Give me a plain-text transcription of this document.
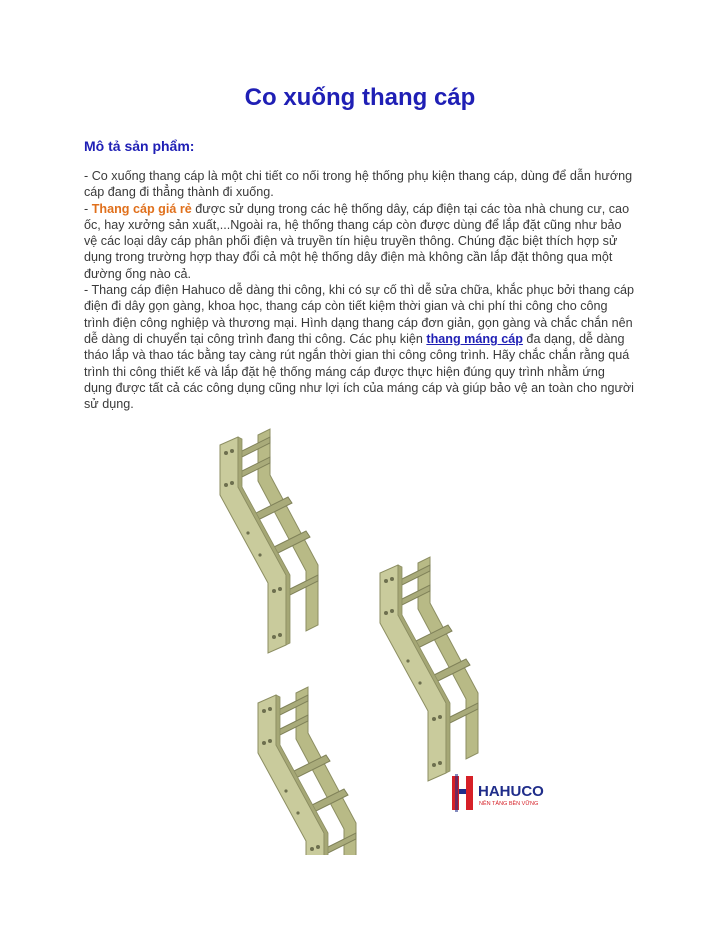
Co xuống thang cáp
Mô tả sản phẩm:

- Co xuống thang cáp là một chi tiết co nối trong hệ thống phụ kiện thang cáp, dùng để dẫn hướng cáp đang đi thẳng thành đi xuống.

- Thang cáp giá rẻ được sử dụng trong các hệ thống dây, cáp điện tại các tòa nhà chung cư, cao ốc, hay xưởng sản xuất,...Ngoài ra, hệ thống thang cáp còn được dùng để lắp đặt cũng như bảo vệ các loại dây cáp phân phối điện và truyền tín hiệu truyền thông. Chúng đặc biệt thích hợp sử dụng trong trường hợp thay đổi cả một hệ thống dây điện mà không cần lắp đặt thông qua một đường ống nào cả.

- Thang cáp điện Hahuco dễ dàng thi công, khi có sự cố thì dễ sửa chữa, khắc phục bởi thang cáp điện đi dây gọn gàng, khoa học, thang cáp còn tiết kiệm thời gian và chi phí thi công cho công trình điện công nghiệp và thương mại. Hình dạng thang cáp đơn giản, gọn gàng và chắc chắn nên dễ dàng di chuyển tại công trình đang thi công. Các phụ kiện thang máng cáp đa dạng, dễ dàng tháo lắp và thao tác bằng tay càng rút ngắn thời gian thi công công trình. Hãy chắc chắn rằng quá trình thi công thiết kế và lắp đặt hệ thống máng cáp được thực hiện đúng quy trình nhằm ứng dụng được tất cả các công dụng cũng như lợi ích của máng cáp và giúp bảo vệ an toàn cho người sử dụng.

HAHUCO
NỀN TẢNG BỀN VỮNG
